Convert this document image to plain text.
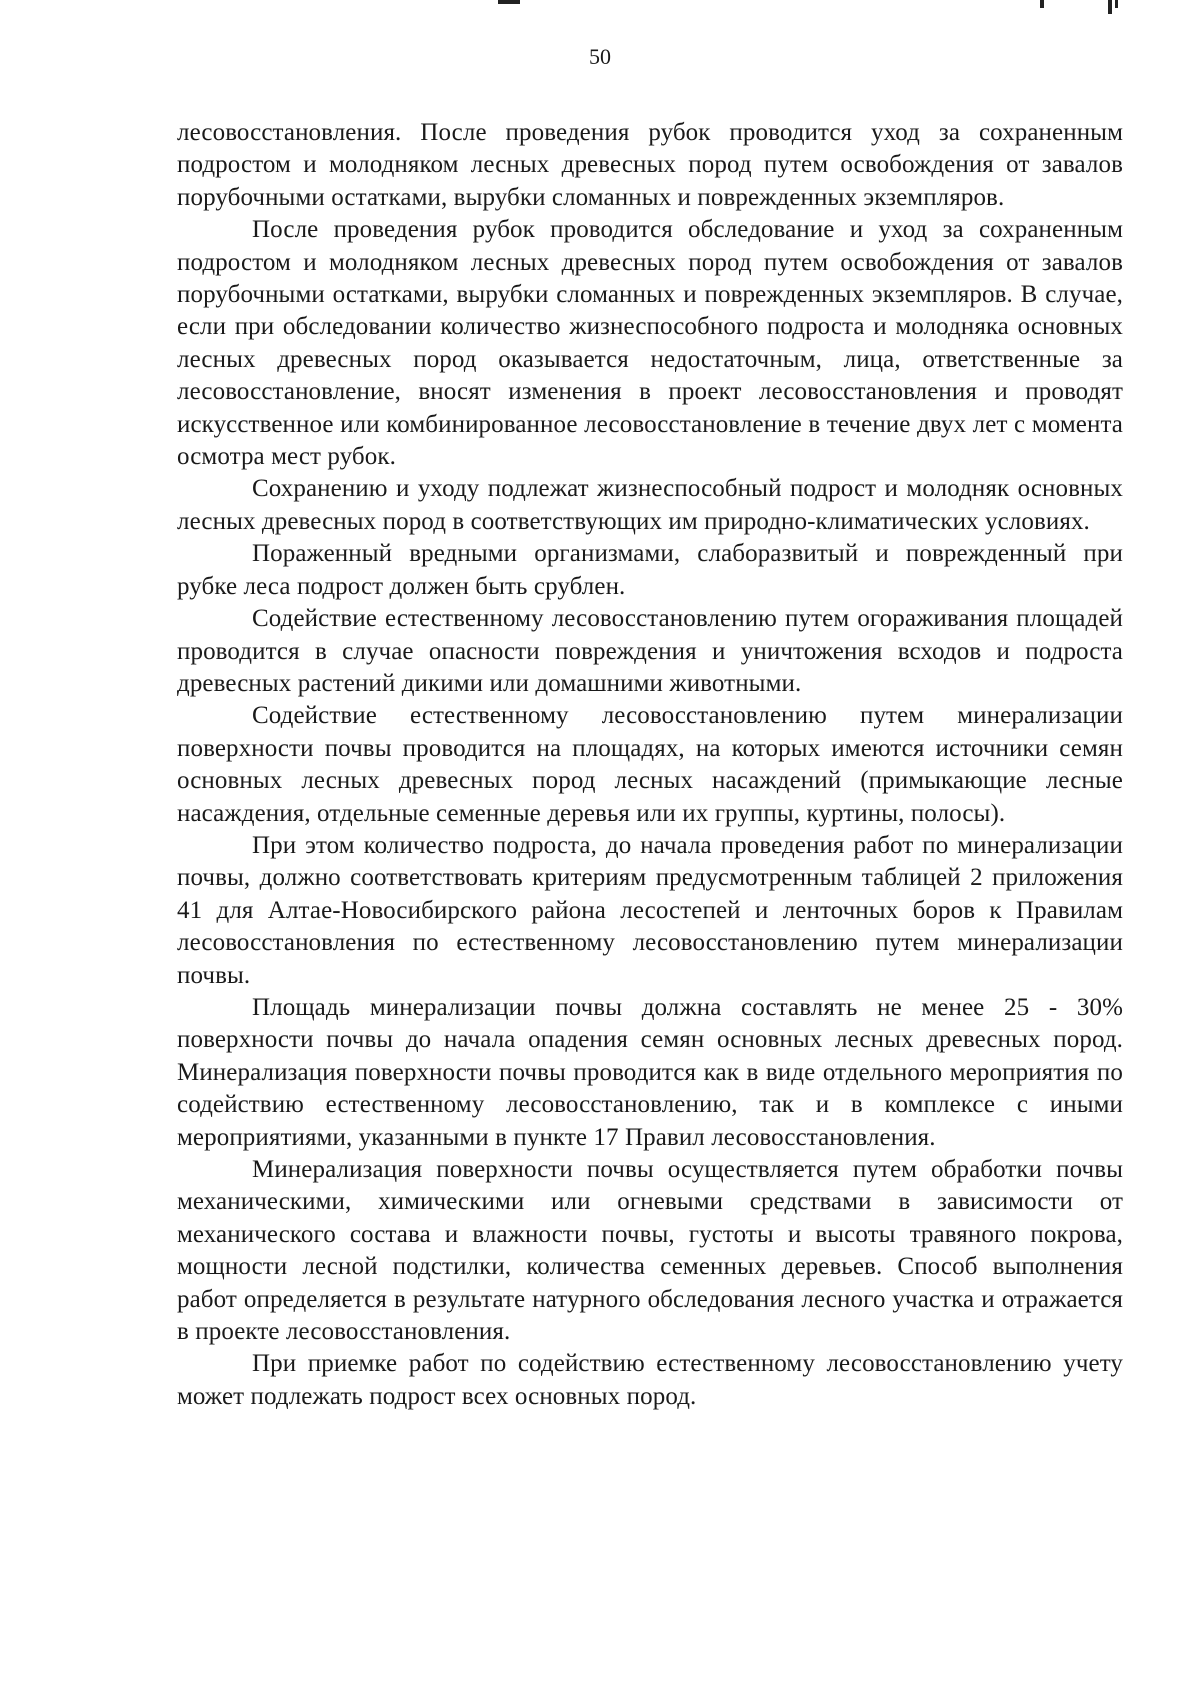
50

лесовосстановления. После проведения рубок проводится уход за сохраненным подростом и молодняком лесных древесных пород путем освобождения от завалов порубочными остатками, вырубки сломанных и поврежденных экземпляров.

После проведения рубок проводится обследование и уход за сохраненным подростом и молодняком лесных древесных пород путем освобождения от завалов порубочными остатками, вырубки сломанных и поврежденных экземпляров. В случае, если при обследовании количество жизнеспособного подроста и молодняка основных лесных древесных пород оказывается недостаточным, лица, ответственные за лесовосстановление, вносят изменения в проект лесовосстановления и проводят искусственное или комбинированное лесовосстановление в течение двух лет с момента осмотра мест рубок.

Сохранению и уходу подлежат жизнеспособный подрост и молодняк основных лесных древесных пород в соответствующих им природно-климатических условиях.

Пораженный вредными организмами, слаборазвитый и поврежденный при рубке леса подрост должен быть срублен.

Содействие естественному лесовосстановлению путем огораживания площадей проводится в случае опасности повреждения и уничтожения всходов и подроста древесных растений дикими или домашними животными.

Содействие естественному лесовосстановлению путем минерализации поверхности почвы проводится на площадях, на которых имеются источники семян основных лесных древесных пород лесных насаждений (примыкающие лесные насаждения, отдельные семенные деревья или их группы, куртины, полосы).

При этом количество подроста, до начала проведения работ по минерализации почвы, должно соответствовать критериям предусмотренным таблицей 2 приложения 41 для Алтае-Новосибирского района лесостепей и ленточных боров к Правилам лесовосстановления по естественному лесовосстановлению путем минерализации почвы.

Площадь минерализации почвы должна составлять не менее 25 - 30% поверхности почвы до начала опадения семян основных лесных древесных пород. Минерализация поверхности почвы проводится как в виде отдельного мероприятия по содействию естественному лесовосстановлению, так и в комплексе с иными мероприятиями, указанными в пункте 17 Правил лесовосстановления.

Минерализация поверхности почвы осуществляется путем обработки почвы механическими, химическими или огневыми средствами в зависимости от механического состава и влажности почвы, густоты и высоты травяного покрова, мощности лесной подстилки, количества семенных деревьев. Способ выполнения работ определяется в результате натурного обследования лесного участка и отражается в проекте лесовосстановления.

При приемке работ по содействию естественному лесовосстановлению учету может подлежать подрост всех основных пород.
